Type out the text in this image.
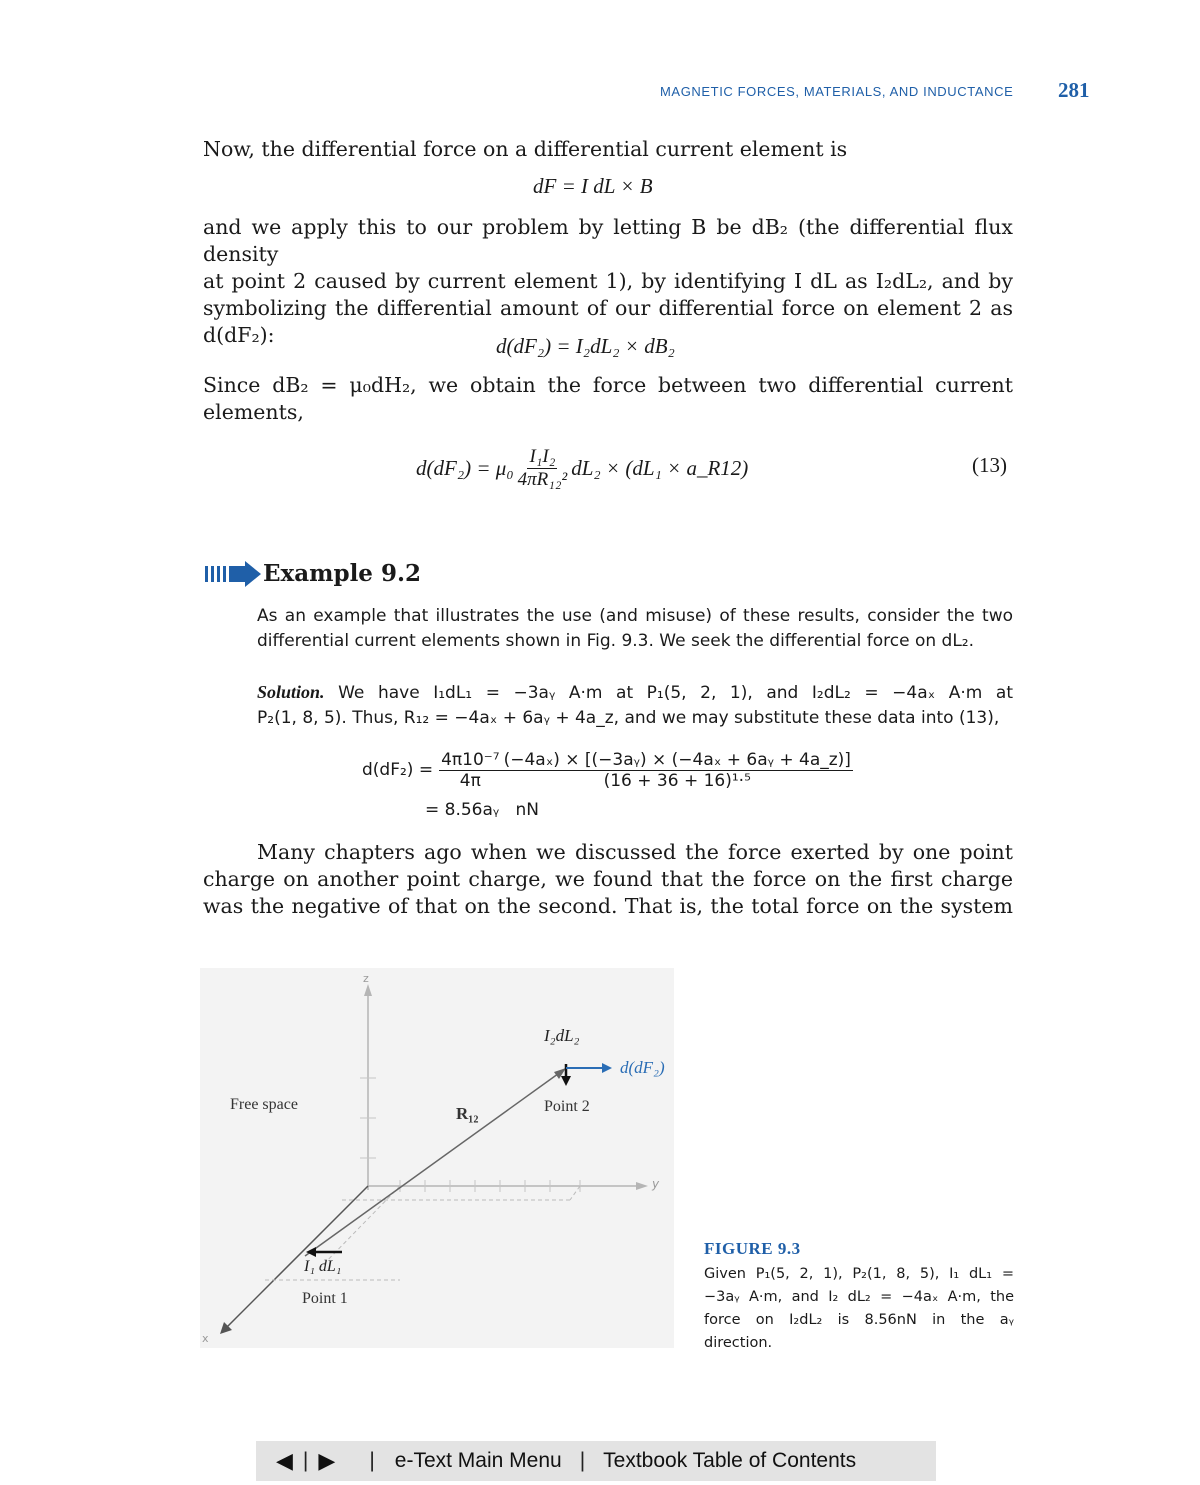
MAGNETIC FORCES, MATERIALS, AND INDUCTANCE 281
Now, the differential force on a differential current element is
dF = I dL × B
and we apply this to our problem by letting B be dB₂ (the differential flux density
at point 2 caused by current element 1), by identifying I dL as I₂dL₂, and by
symbolizing the differential amount of our differential force on element 2 as
d(dF₂):	d(dF₂) = I₂dL₂ × dB₂
Since dB₂ = μ₀dH₂, we obtain the force between two differential current
elements,
$d(dF_2) = \mu_0 \frac{\text{I₁I₂}}{\text{4πR₁₂²}} dL_2 \times (dL_1$ × a_R12)	(13)
Example 9.2
As an example that illustrates the use (and misuse) of these results, consider the two
differential current elements shown in Fig. 9.3. We seek the differential force on dL₂.
Solution. We have I₁dL₁ = −3aᵧ A·m at P₁(5, 2, 1), and I₂dL₂ = −4aₓ A·m at
P₂(1, 8, 5). Thus, R₁₂ = −4aₓ + 6aᵧ + 4a_z, and we may substitute these data into (13),
$d(dF_2) = \frac{\text{4π10⁻⁷}}{4\pi} \frac{\text{(−4aₓ) × [(−3aᵧ) × (−4aₓ + 6aᵧ + 4a\_z)]}}{\text{(16 + 36 + 16)¹·⁵}}$
= 8.56aᵧ   nN
Many chapters ago when we discussed the force exerted by one point
charge on another point charge, we found that the force on the first charge
was the negative of that on the second. That is, the total force on the system
z
y
x
Free space
I₂dL₂
d(dF₂)
Point 2
R₁₂
I₁ dL₁
Point 1
FIGURE 9.3
Given P₁(5, 2, 1), P₂(1, 8, 5), I₁ dL₁ =
−3aᵧ A·m, and I₂ dL₂ = −4aₓ A·m, the
force on I₂dL₂ is 8.56nN in the aᵧ
direction.
◀ | ▶ | e-Text Main Menu | Textbook Table of Contents
